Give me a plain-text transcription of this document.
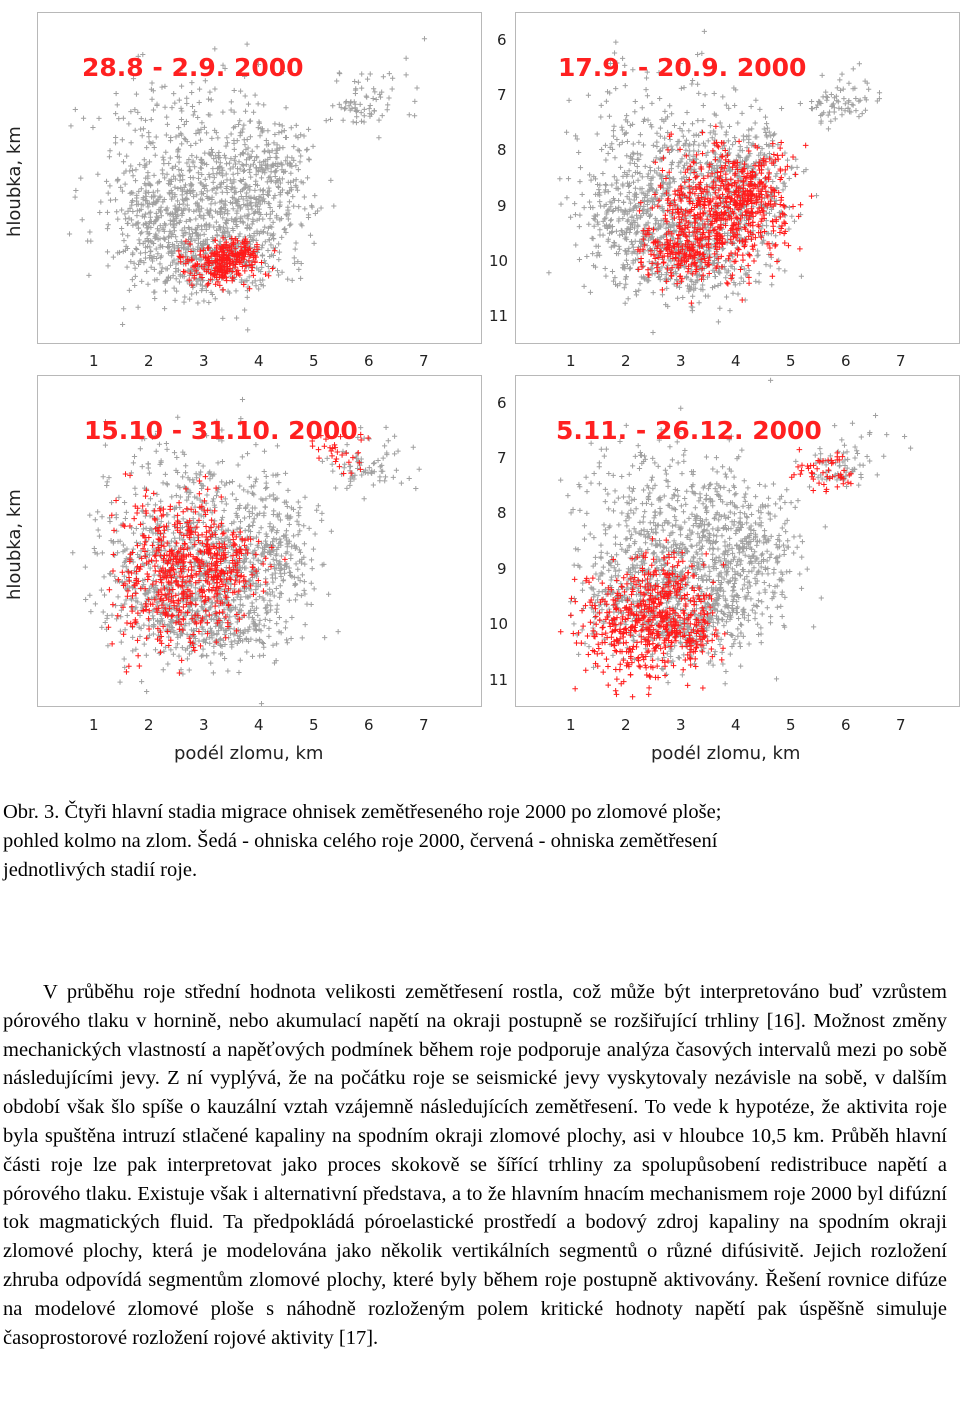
28.8 - 2.9. 2000	17.9. - 20.9. 2000
15.10 - 31.10. 2000	5.11. - 26.12. 2000
hloubka, km
hloubka, km
6
7
8
9
10
11
6
7
8
9
10
11
1	2	3	4	5	6	7	1	2	3	4	5	6	7
1	2	3	4	5	6	7	1	2	3	4	5	6	7
podél zlomu, km	podél zlomu, km
Obr. 3. Čtyři hlavní stadia migrace ohnisek zemětřeseného roje 2000 po zlomové ploše;
pohled kolmo na zlom. Šedá - ohniska celého roje 2000, červená - ohniska zemětřesení
jednotlivých stadií roje.

V průběhu roje střední hodnota velikosti zemětřesení rostla, což může být interpretováno buď vzrůstem pórového tlaku v hornině, nebo akumulací napětí na okraji postupně se rozšiřující trhliny [16]. Možnost změny mechanických vlastností a napěťových podmínek během roje podporuje analýza časových intervalů mezi po sobě následujícími jevy. Z ní vyplývá, že na počátku roje se seismické jevy vyskytovaly nezávisle na sobě, v dalším období však šlo spíše o kauzální vztah vzájemně následujících zemětřesení. To vede k hypotéze, že aktivita roje byla spuštěna intruzí stlačené kapaliny na spodním okraji zlomové plochy, asi v hloubce 10,5 km. Průběh hlavní části roje lze pak interpretovat jako proces skokově se šířící trhliny za spolupůsobení redistribuce napětí a pórového tlaku. Existuje však i alternativní představa, a to že hlavním hnacím mechanismem roje 2000 byl difúzní tok magmatických fluid. Ta předpokládá póroelastické prostředí a bodový zdroj kapaliny na spodním okraji zlomové plochy, která je modelována jako několik vertikálních segmentů o různé difúsivitě. Jejich rozložení zhruba odpovídá segmentům zlomové plochy, které byly během roje postupně aktivovány. Řešení rovnice difúze na modelové zlomové ploše s náhodně rozloženým polem kritické hodnoty napětí pak úspěšně simuluje časoprostorové rozložení rojové aktivity [17].
